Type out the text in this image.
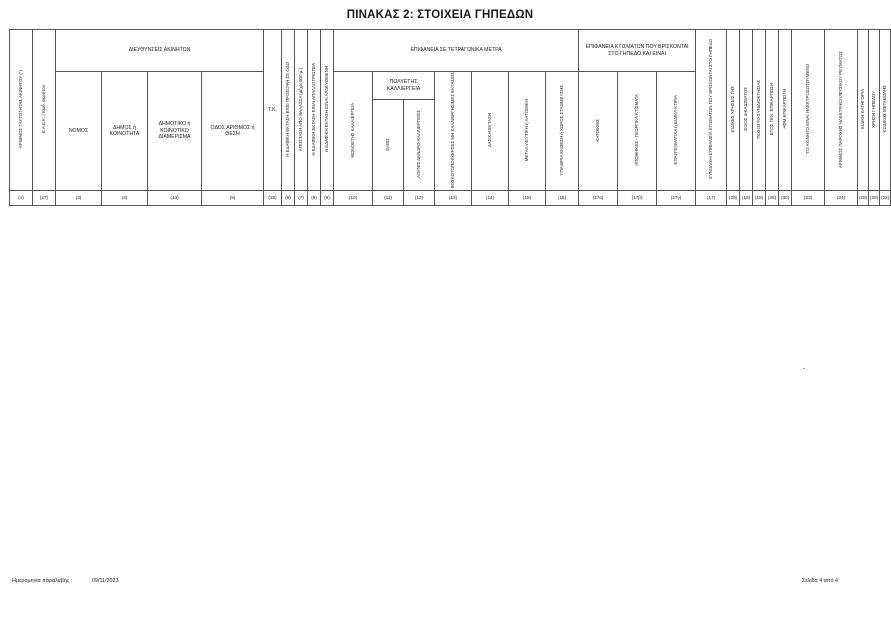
ΠΙΝΑΚΑΣ 2: ΣΤΟΙΧΕΙΑ ΓΗΠΕΔΩΝ
ΑΡΙΘΜΟΣ ΤΑΥΤΟΤΗΤΑΣ ΑΚΙΝΗΤΟΥ (*)	Κ.Α.Ε.Κ. / Κωδ. ακινήτου	ΔΙΕΥΘΥΝΣΕΙΣ ΑΚΙΝΗΤΩΝ				Τ.Κ.	Η ΕΔΑΦΙΚΗ ΕΚΤΑΣΗ ΕΧΕΙ ΠΡΟΣΟΨΗ ΣΕ ΟΔΟ	ΑΠΟΣΤΑΣΗ ΑΠΟ ΘΑΛΑΣΣΑ (μέχρι 800 μ.)	Η ΕΔΑΦΙΚΗ ΕΚΤΑΣΗ ΕΙΝΑΙ ΑΠΑΛΛΟΤΡΙΩΤΕΑ	Η ΕΔΑΦΙΚΗ ΕΚΤΑΣΗ ΕΙΝΑΙ ΑΡΔΕΥΟΜΕΝΗ	ΕΠΙΦΑΝΕΙΑ ΣΕ ΤΕΤΡΑΓΩΝΙΚΑ ΜΕΤΡΑ							ΕΠΙΦΑΝΕΙΑ ΚΤΙΣΜΑΤΩΝ ΠΟΥ ΒΡΙΣΚΟΝΤΑΙ ΣΤΟ ΓΗΠΕΔΟ ΚΑΙ ΕΙΝΑΙ			ΣΥΝΟΛΙΚΗ ΕΠΙΦΑΝΕΙΑ ΚΤΙΣΜΑΤΩΝ ΠΟΥ ΒΡΙΣΚΟΝΤΑΙ ΣΤΟ ΓΗΠΕΔΟ	ΕΙΔΙΚΕΣ ΧΡΗΣΕΙΣ ΓΗΣ	ΕΙΔΟΣ ΔΙΚΑΙΩΜΑΤΟΣ	ΠΟΣΟΣΤΟ ΣΥΝΙΔΙΟΚΤΗΣΙΑΣ	ΕΤΟΣ ΓΕΝ. ΕΠΙΚΑΡΠΩΣΗ	ΑΦΜ ΕΠΙΚΑΡΠΩΤΗ	ΤΟ ΑΚΙΝΗΤΟ ΕΙΝΑΙ ΗΛΕΚΤΡΟΔΟΤΟΥΜΕΝΟ	ΑΡΙΘΜΟΣ ΠΑΡΟΧΗΣ ΗΛΕΚΤΡΙΚΟΥ/ΦΥΣΙΚΟΥ ΡΕΥΜΑΤΟΣ	ΕΙΔΙΚΗ ΚΑΤΗΓΟΡΙΑ	ΧΡΗΣΗ ΓΗΠΕΔΟΥ	ΚΩΔΙΚΟΣ ΜΕΤΑΒΟΛΗΣ

		ΝΟΜΟΣ	ΔΗΜΟΣ ή ΚΟΙΝΟΤΗΤΑ	ΔΗΜΟΤΙΚΟ ή ΚΟΙΝΟΤΙΚΟ ΔΙΑΜΕΡΙΣΜΑ	ΟΔΟΣ ΑΡΙΘΜΟΣ ή ΘΕΣΗ						ΜΟΝΟΕΤΗΣ ΚΑΛΛΙΕΡΓΕΙΑ	ΠΟΛΥΕΤΗΣ ΚΑΛΛΙΕΡΓΕΙΑ		ΒΟΣΚΟΤΟΠΟΙ/ΧΕΡΣΕΣ ΜΗ ΚΑΛΛΙΕΡΓΗΣΙΜΕΣ ΕΚΤΑΣΕΙΣ	ΔΑΣΙΚΗ ΕΚΤΑΣΗ	ΜΕΤΑΛ-ΛΕΥΤΙΚΗ ή ΛΑΤΟΜΙΚΗ	ΥΠΑΙΘΡΙΑ ΕΚΘΕΣΗ ή ΧΩΡΟΣ ΣΤΑΘΜΕΥΣΗΣ	ΚΑΤΟΙΚΙΕΣ	ΑΠΟΘΗΚΕΣ - ΓΕΩΡΓΙΚΑ ΚΤΙΣΜΑΤΑ	ΕΠΑΓΓΕΛΜΑΤΙΚΑ ή ΕΙΔΙΚΑ ΚΤΙΡΙΑ											
												ΕΛΙΕΣ	ΛΟΙΠΕΣ ΔΕΝΔΡΟ-ΚΑΛΛΙΕΡΓΕΙΕΣ																		
(1)	(27)	(3)	(4)	(4α)	(5)	(25)	(6)	(7)	(8)	(9)	(10)	(11)	(12)	(13)	(14)	(15)	(16)	(17α)	(17β)	(17γ)	(17)	(29)	(18)	(19)	(28)	(30)	(23)	(24)	(26)	(28)	(22)
Ημερομηνία παραλαβής :	09/11/2023	Σελίδα 4 από 4
